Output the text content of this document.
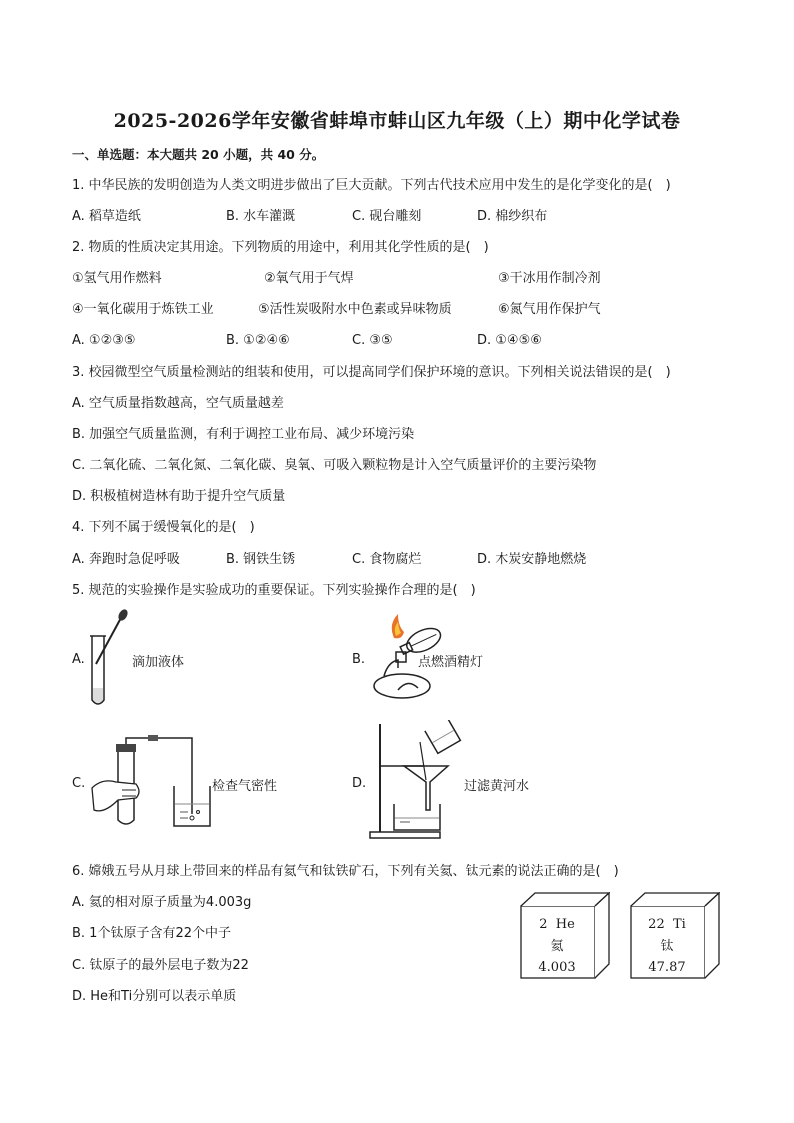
2025-2026学年安徽省蚌埠市蚌山区九年级（上）期中化学试卷
一、单选题：本大题共 20 小题，共 40 分。
1. 中华民族的发明创造为人类文明进步做出了巨大贡献。下列古代技术应用中发生的是化学变化的是(　)
A. 稻草造纸	B. 水车灌溉	C. 砚台雕刻	D. 棉纱织布
2. 物质的性质决定其用途。下列物质的用途中，利用其化学性质的是(　)
①氢气用作燃料	②氧气用于气焊	③干冰用作制冷剂
④一氧化碳用于炼铁工业	⑤活性炭吸附水中色素或异味物质	⑥氮气用作保护气
A. ①②③⑤	B. ①②④⑥	C. ③⑤	D. ①④⑤⑥
3. 校园微型空气质量检测站的组装和使用，可以提高同学们保护环境的意识。下列相关说法错误的是(　)
A. 空气质量指数越高，空气质量越差
B. 加强空气质量监测，有利于调控工业布局、减少环境污染
C. 二氧化硫、二氧化氮、二氧化碳、臭氧、可吸入颗粒物是计入空气质量评价的主要污染物
D. 积极植树造林有助于提升空气质量
4. 下列不属于缓慢氧化的是(　)
A. 奔跑时急促呼吸	B. 钢铁生锈	C. 食物腐烂	D. 木炭安静地燃烧
5. 规范的实验操作是实验成功的重要保证。下列实验操作合理的是(　)
A.	滴加液体	B.	点燃酒精灯
C.	检查气密性	D.	过滤黄河水
6. 嫦娥五号从月球上带回来的样品有氦气和钛铁矿石，下列有关氦、钛元素的说法正确的是(　)
A. 氦的相对原子质量为4.003g
B. 1个钛原子含有22个中子
C. 钛原子的最外层电子数为22
D. He和Ti分别可以表示单质
2 He
氦
4.003
22 Ti
钛
47.87
